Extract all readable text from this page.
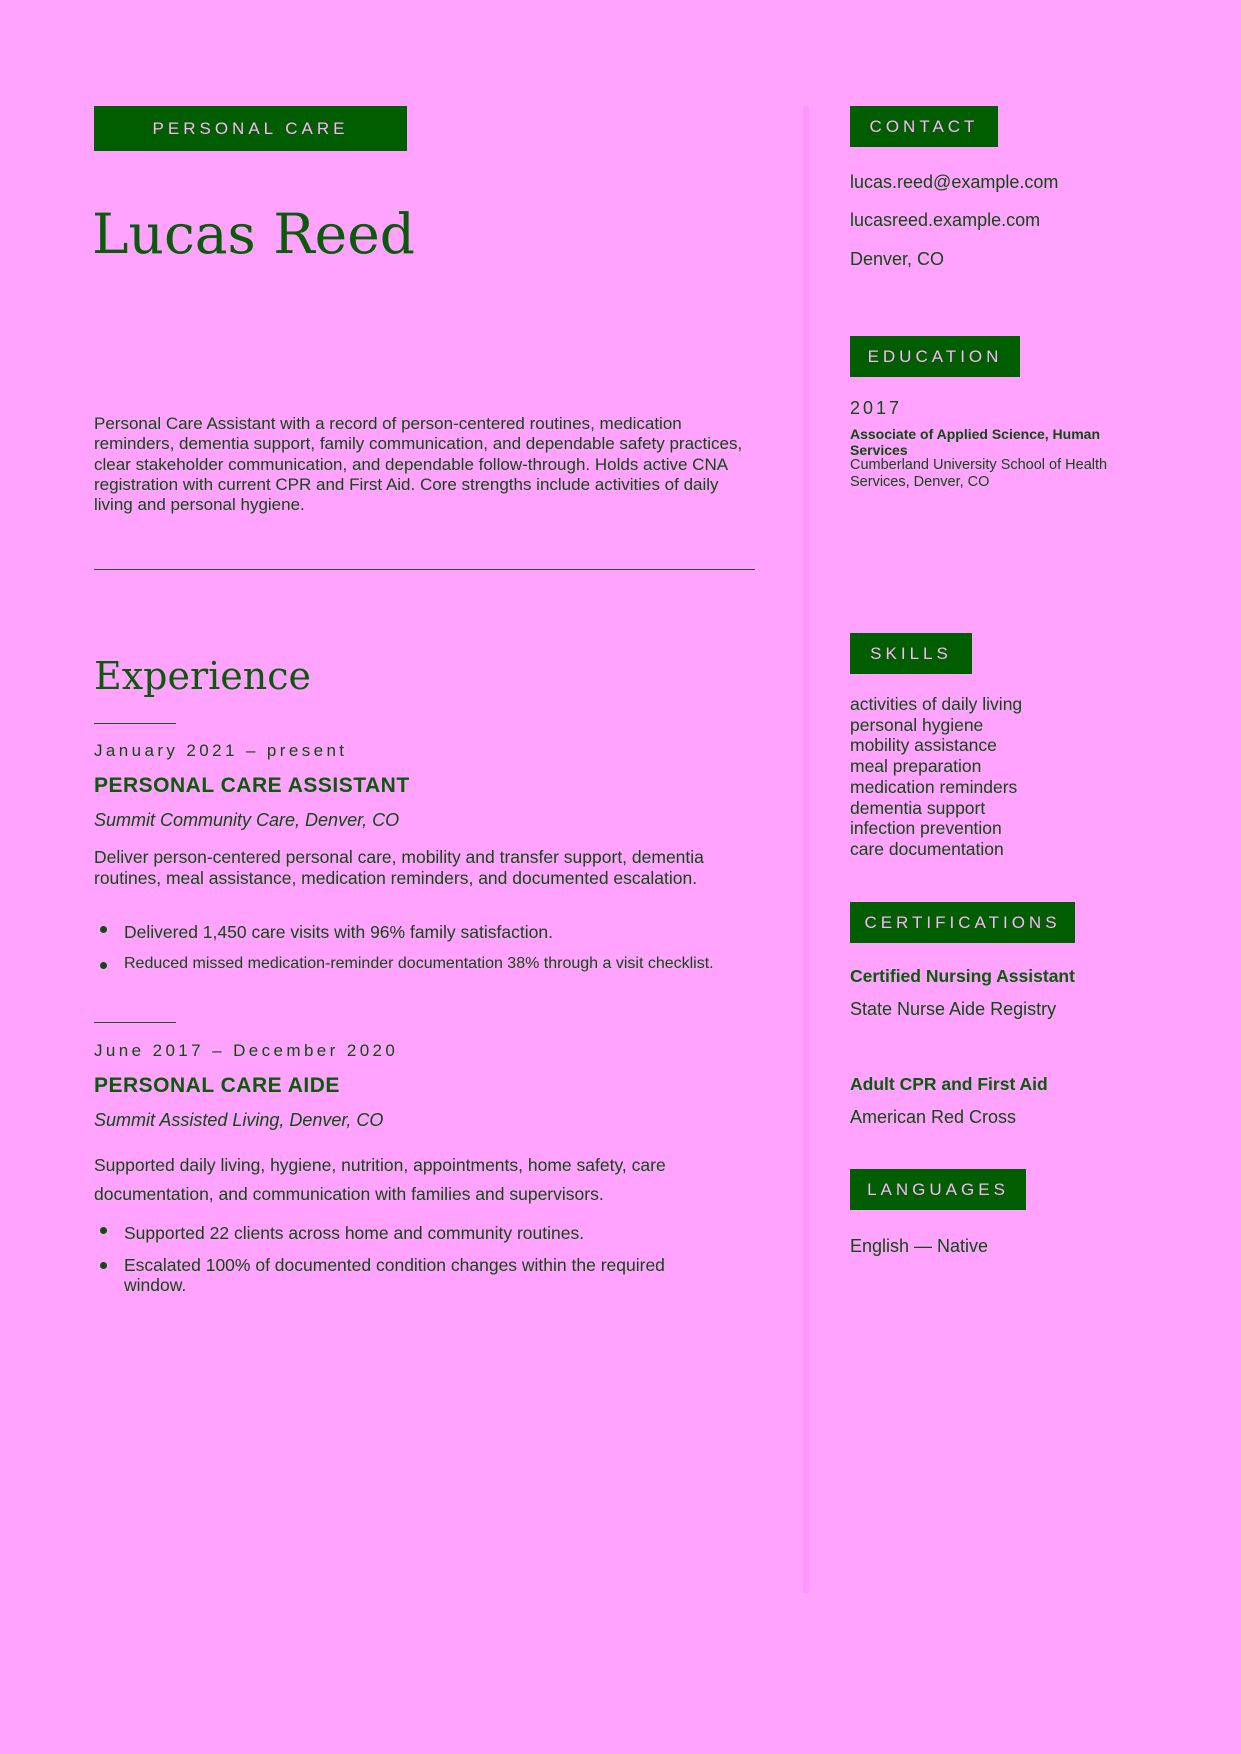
PERSONAL CARE
Lucas Reed
Personal Care Assistant with a record of person-centered routines, medication reminders, dementia support, family communication, and dependable safety practices, clear stakeholder communication, and dependable follow-through. Holds active CNA registration with current CPR and First Aid. Core strengths include activities of daily living and personal hygiene.
Experience
January 2021 – present
PERSONAL CARE ASSISTANT
Summit Community Care, Denver, CO
Deliver person-centered personal care, mobility and transfer support, dementia routines, meal assistance, medication reminders, and documented escalation.
Delivered 1,450 care visits with 96% family satisfaction.
Reduced missed medication-reminder documentation 38% through a visit checklist.
June 2017 – December 2020
PERSONAL CARE AIDE
Summit Assisted Living, Denver, CO
Supported daily living, hygiene, nutrition, appointments, home safety, care documentation, and communication with families and supervisors.
Supported 22 clients across home and community routines.
Escalated 100% of documented condition changes within the required window.
CONTACT
lucas.reed@example.com
lucasreed.example.com
Denver, CO
EDUCATION
2017
Associate of Applied Science, Human Services
Cumberland University School of Health Services, Denver, CO
SKILLS
activities of daily living
personal hygiene
mobility assistance
meal preparation
medication reminders
dementia support
infection prevention
care documentation
CERTIFICATIONS
Certified Nursing Assistant
State Nurse Aide Registry
Adult CPR and First Aid
American Red Cross
LANGUAGES
English — Native
